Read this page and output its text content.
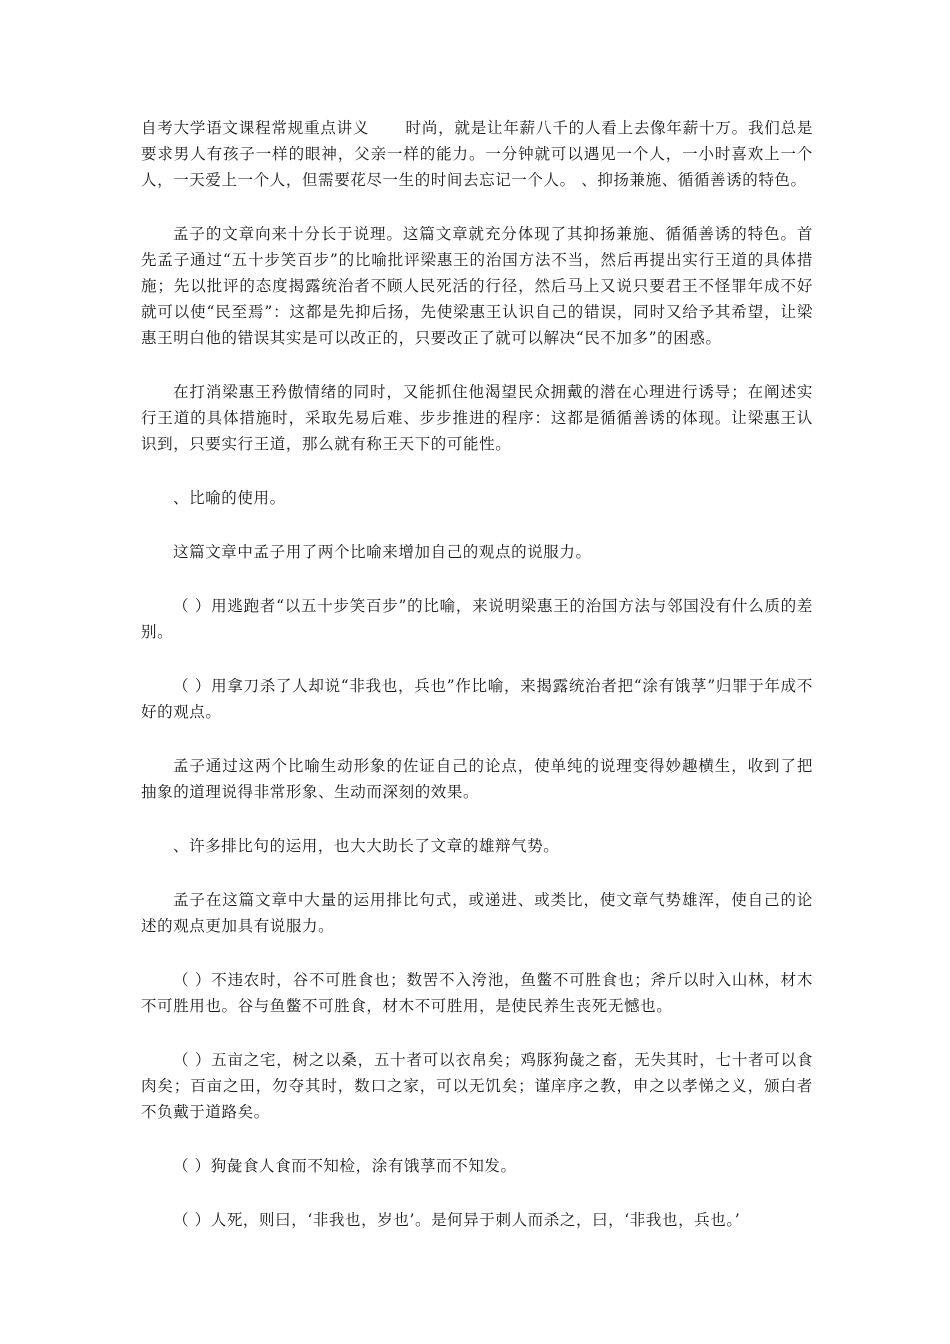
自考大学语文课程常规重点讲义 时尚，就是让年薪八千的人看上去像年薪十万。我们总是要求男人有孩子一样的眼神，父亲一样的能力。一分钟就可以遇见一个人，一小时喜欢上一个人，一天爱上一个人，但需要花尽一生的时间去忘记一个人。 、抑扬兼施、循循善诱的特色。

孟子的文章向来十分长于说理。这篇文章就充分体现了其抑扬兼施、循循善诱的特色。首先孟子通过“五十步笑百步”的比喻批评梁惠王的治国方法不当，然后再提出实行王道的具体措施；先以批评的态度揭露统治者不顾人民死活的行径，然后马上又说只要君王不怪罪年成不好就可以使“民至焉”：这都是先抑后扬，先使梁惠王认识自己的错误，同时又给予其希望，让梁惠王明白他的错误其实是可以改正的，只要改正了就可以解决“民不加多”的困惑。

在打消梁惠王矜傲情绪的同时，又能抓住他渴望民众拥戴的潜在心理进行诱导；在阐述实行王道的具体措施时，采取先易后难、步步推进的程序：这都是循循善诱的体现。让梁惠王认识到，只要实行王道，那么就有称王天下的可能性。

、比喻的使用。

这篇文章中孟子用了两个比喻来增加自己的观点的说服力。

（ ）用逃跑者“以五十步笑百步”的比喻，来说明梁惠王的治国方法与邻国没有什么质的差别。

（ ）用拿刀杀了人却说“非我也，兵也”作比喻，来揭露统治者把“涂有饿莩”归罪于年成不好的观点。

孟子通过这两个比喻生动形象的佐证自己的论点，使单纯的说理变得妙趣横生，收到了把抽象的道理说得非常形象、生动而深刻的效果。

、许多排比句的运用，也大大助长了文章的雄辩气势。

孟子在这篇文章中大量的运用排比句式，或递进、或类比，使文章气势雄浑，使自己的论述的观点更加具有说服力。

（ ）不违农时，谷不可胜食也；数罟不入洿池，鱼鳖不可胜食也；斧斤以时入山林，材木不可胜用也。谷与鱼鳖不可胜食，材木不可胜用，是使民养生丧死无憾也。

（ ）五亩之宅，树之以桑，五十者可以衣帛矣；鸡豚狗彘之畜，无失其时，七十者可以食肉矣；百亩之田，勿夺其时，数口之家，可以无饥矣；谨庠序之教，申之以孝悌之义，颁白者不负戴于道路矣。

（ ）狗彘食人食而不知检，涂有饿莩而不知发。

（ ）人死，则曰，‘非我也，岁也’。是何异于刺人而杀之，曰，‘非我也，兵也。’
